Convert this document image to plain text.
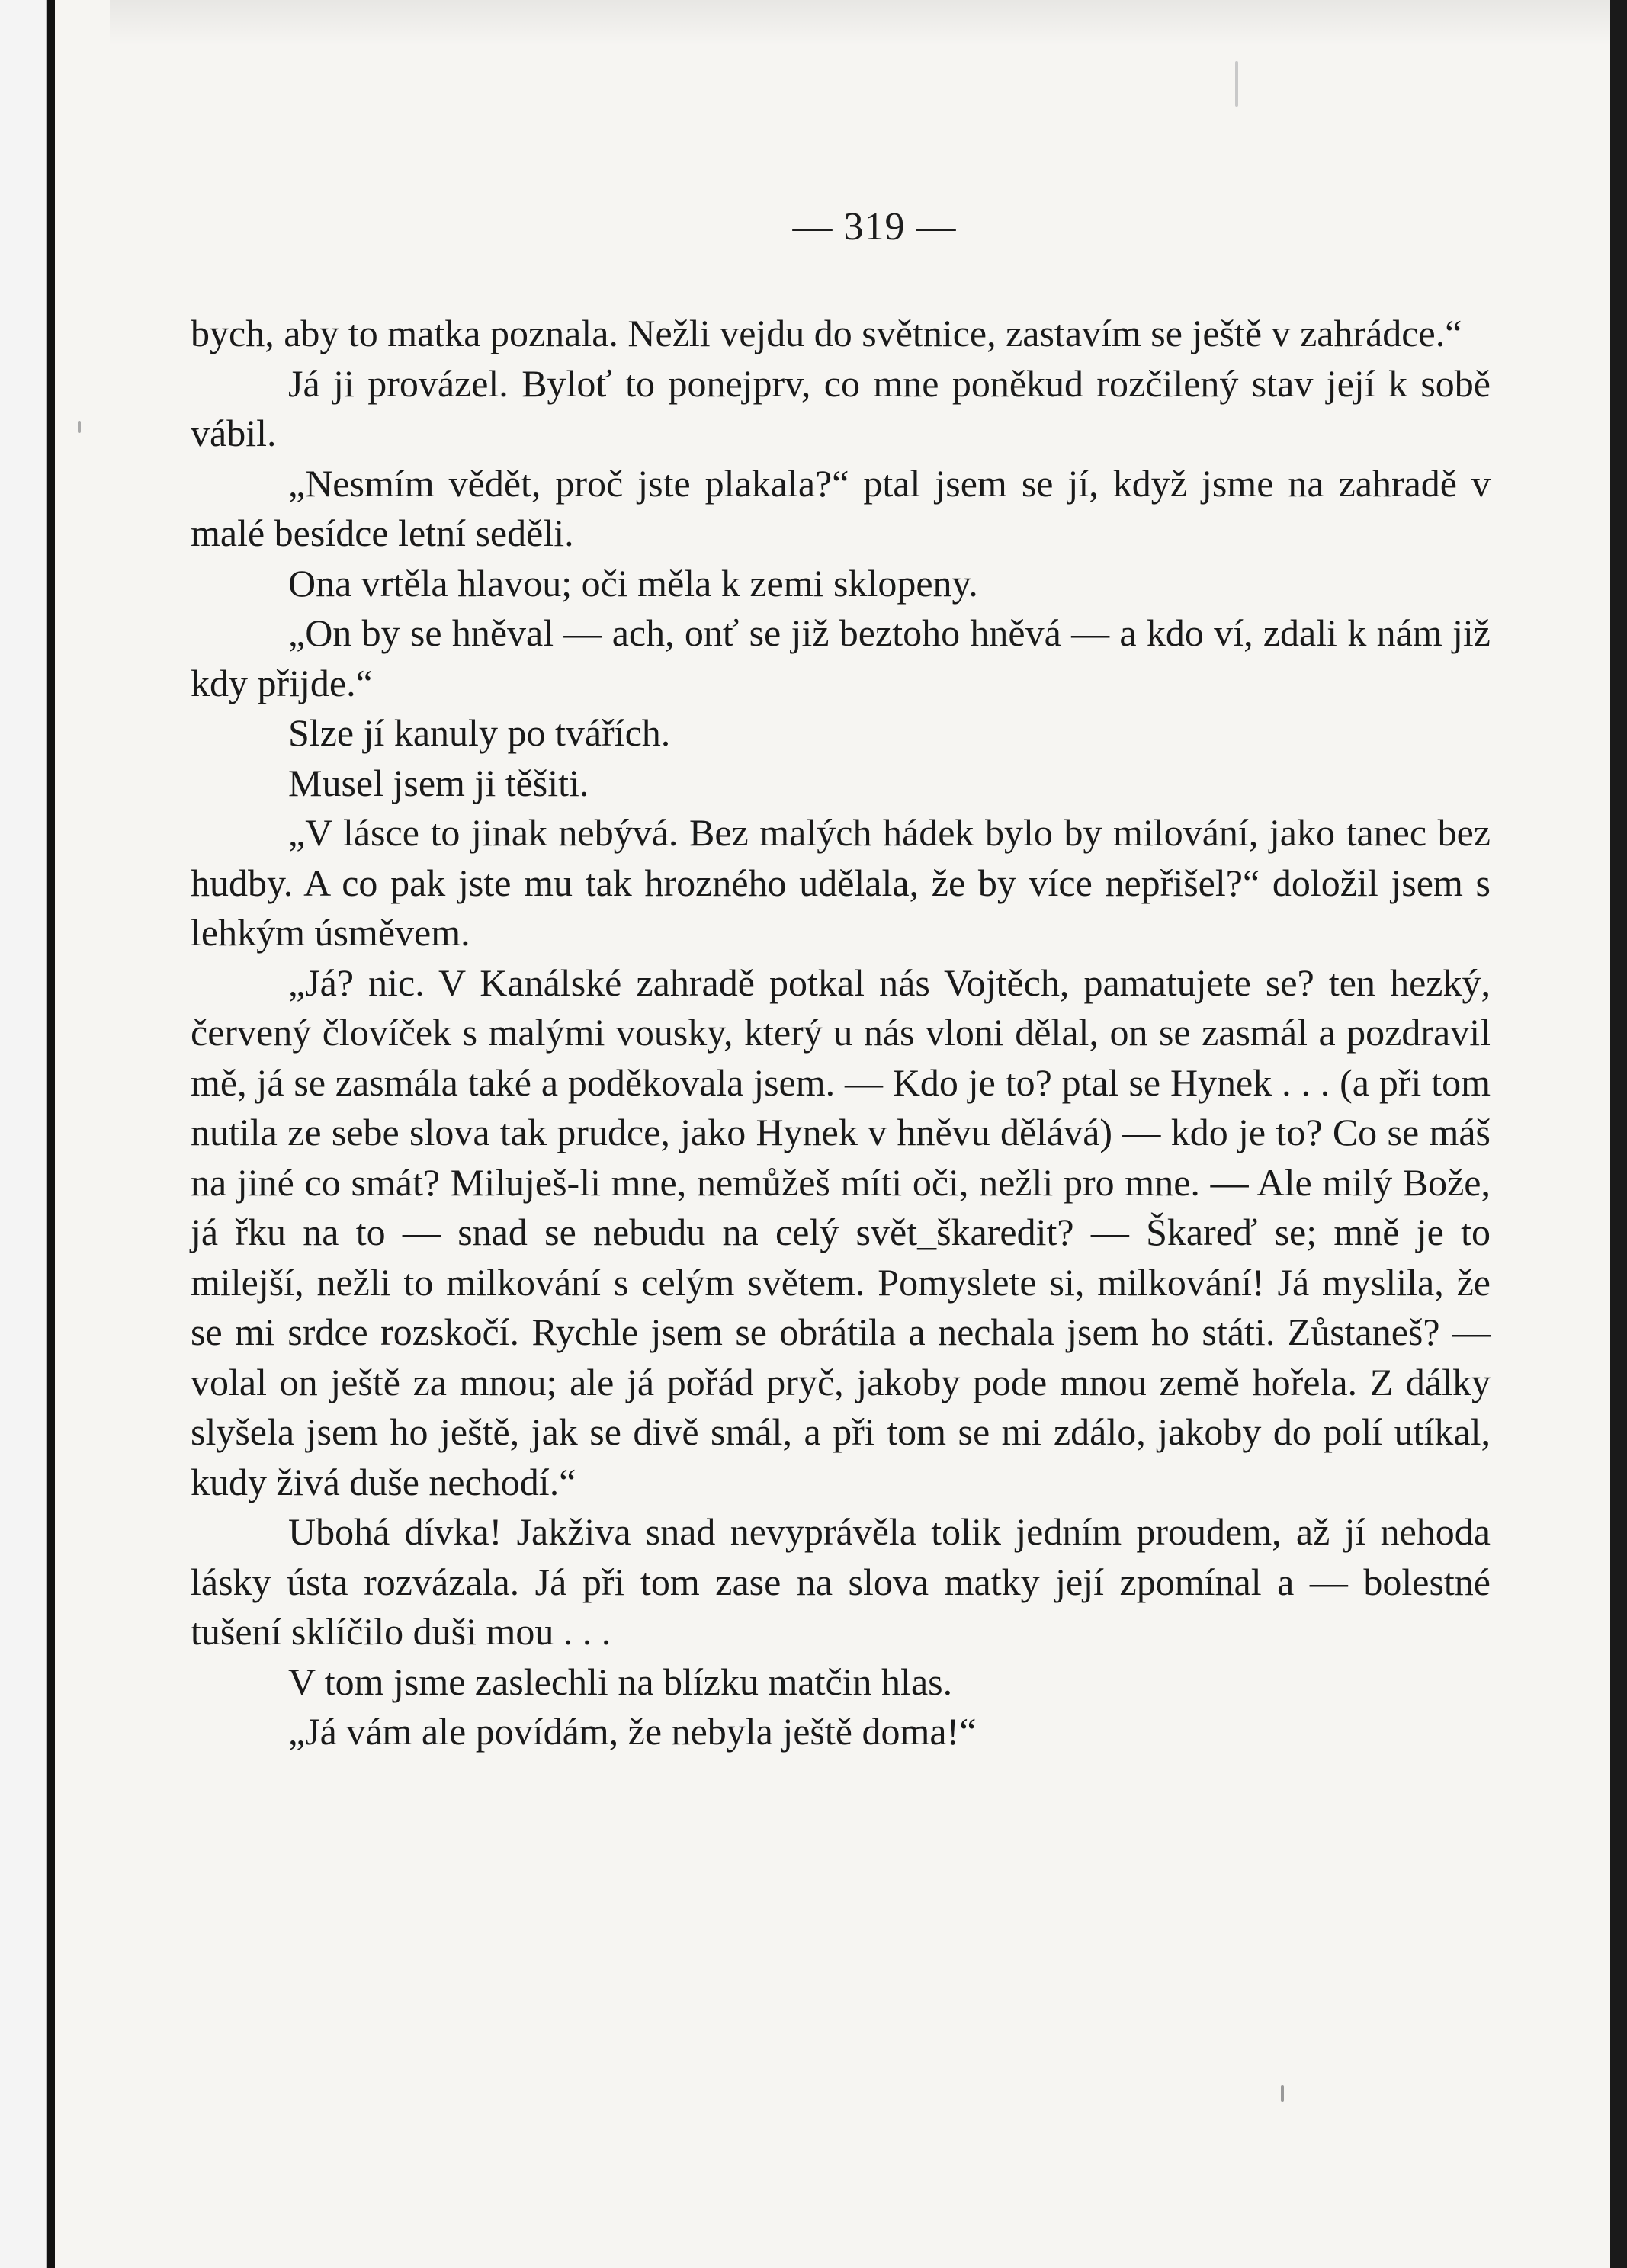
— 319 —

bych, aby to matka poznala. Nežli vejdu do světnice, zastavím se ještě v zahrádce.“

Já ji provázel. Byloť to ponejprv, co mne poněkud rozčilený stav její k sobě vábil.

„Nesmím vědět, proč jste plakala?“ ptal jsem se jí, když jsme na zahradě v malé besídce letní seděli.

Ona vrtěla hlavou; oči měla k zemi sklopeny.

„On by se hněval — ach, onť se již beztoho hněvá — a kdo ví, zdali k nám již kdy přijde.“

Slze jí kanuly po tvářích.

Musel jsem ji těšiti.

„V lásce to jinak nebývá. Bez malých hádek bylo by milování, jako tanec bez hudby. A co pak jste mu tak hrozného udělala, že by více nepřišel?“ doložil jsem s lehkým úsměvem.

„Já? nic. V Kanálské zahradě potkal nás Vojtěch, pamatujete se? ten hezký, červený človíček s malými vousky, který u nás vloni dělal, on se zasmál a pozdravil mě, já se zasmála také a poděkovala jsem. — Kdo je to? ptal se Hynek . . . (a při tom nutila ze sebe slova tak prudce, jako Hynek v hněvu dělává) — kdo je to? Co se máš na jiné co smát? Miluješ-li mne, nemůžeš míti oči, nežli pro mne. — Ale milý Bože, já řku na to — snad se nebudu na celý svět_škaredit? — Škareď se; mně je to milejší, nežli to milkování s celým světem. Pomyslete si, milkování! Já myslila, že se mi srdce rozskočí. Rychle jsem se obrátila a nechala jsem ho státi. Zůstaneš? — volal on ještě za mnou; ale já pořád pryč, jakoby pode mnou země hořela. Z dálky slyšela jsem ho ještě, jak se divě smál, a při tom se mi zdálo, jakoby do polí utíkal, kudy živá duše nechodí.“

Ubohá dívka! Jakživa snad nevyprávěla tolik jedním proudem, až jí nehoda lásky ústa rozvázala. Já při tom zase na slova matky její zpomínal a — bolestné tušení sklíčilo duši mou . . .

V tom jsme zaslechli na blízku matčin hlas.

„Já vám ale povídám, že nebyla ještě doma!“
